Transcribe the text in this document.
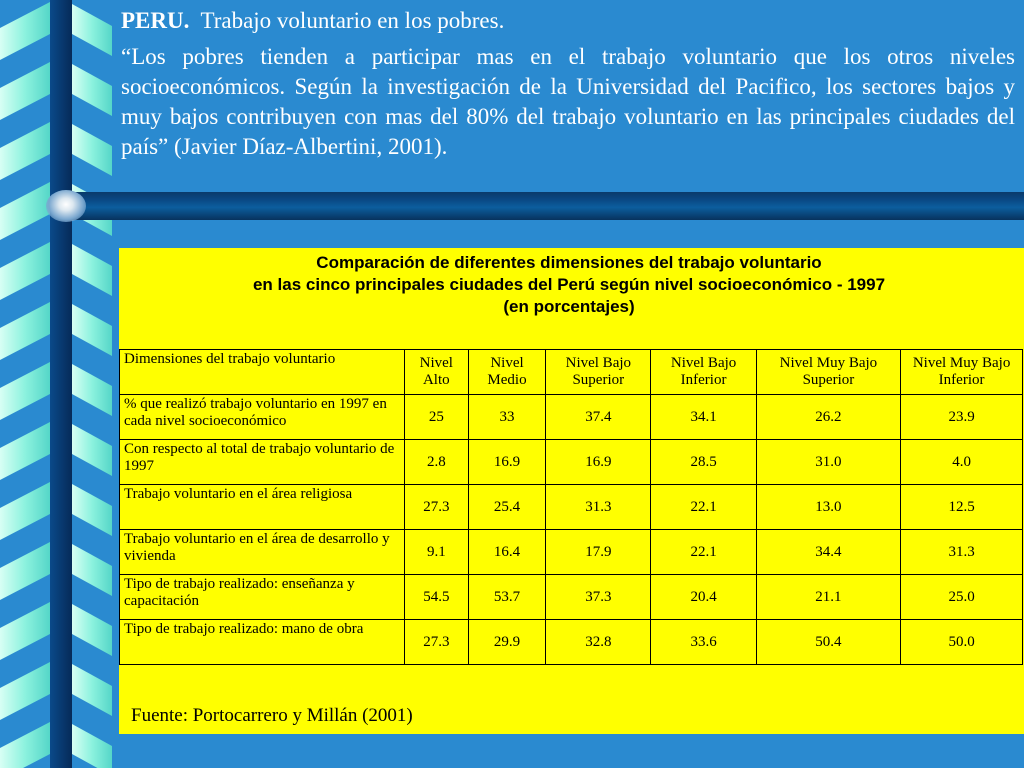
PERU. Trabajo voluntario en los pobres.

“Los pobres tienden a participar mas en el trabajo voluntario que los otros niveles socioeconómicos. Según la investigación de la Universidad del Pacifico, los sectores bajos y muy bajos contribuyen con mas del 80% del trabajo voluntario en las principales ciudades del país” (Javier Díaz-Albertini, 2001).

Comparación de diferentes dimensiones del trabajo voluntario
en las cinco principales ciudades del Perú según nivel socioeconómico - 1997
(en porcentajes)
Dimensiones del trabajo voluntario	Nivel Alto	Nivel Medio	Nivel Bajo Superior	Nivel Bajo Inferior	Nivel Muy Bajo Superior	Nivel Muy Bajo Inferior
% que realizó trabajo voluntario en 1997 en cada nivel socioeconómico	25	33	37.4	34.1	26.2	23.9
Con respecto al total de trabajo voluntario de 1997	2.8	16.9	16.9	28.5	31.0	4.0
Trabajo voluntario en el área religiosa	27.3	25.4	31.3	22.1	13.0	12.5
Trabajo voluntario en el área de desarrollo y vivienda	9.1	16.4	17.9	22.1	34.4	31.3
Tipo de trabajo realizado: enseñanza y capacitación	54.5	53.7	37.3	20.4	21.1	25.0
Tipo de trabajo realizado: mano de obra	27.3	29.9	32.8	33.6	50.4	50.0
Fuente: Portocarrero y Millán (2001)
